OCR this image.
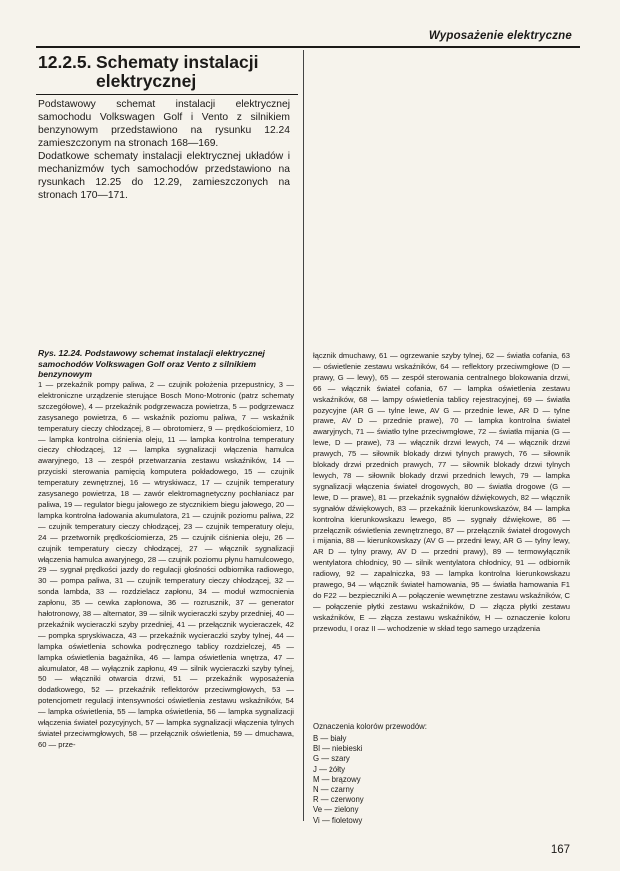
Wyposażenie elektryczne
12.2.5. Schematy instalacji
elektrycznej

Podstawowy schemat instalacji elektrycznej samochodu Volkswagen Golf i Vento z silnikiem benzynowym przedstawiono na rysunku 12.24 zamieszczonym na stronach 168—169.

Dodatkowe schematy instalacji elektrycznej układów i mechanizmów tych samochodów przedstawiono na rysunkach 12.25 do 12.29, zamieszczonych na stronach 170—171.

Rys. 12.24. Podstawowy schemat instalacji elektrycznej samochodów Volkswagen Golf oraz Vento z silnikiem benzynowym

1 — przekaźnik pompy paliwa, 2 — czujnik położenia przepustnicy, 3 — elektroniczne urządzenie sterujące Bosch Mono-Motronic (patrz schematy szczegółowe), 4 — przekaźnik podgrzewacza powietrza, 5 — podgrzewacz zasysanego powietrza, 6 — wskaźnik poziomu paliwa, 7 — wskaźnik temperatury cieczy chłodzącej, 8 — obrotomierz, 9 — prędkościomierz, 10 — lampka kontrolna ciśnienia oleju, 11 — lampka kontrolna temperatury cieczy chłodzącej, 12 — lampka sygnalizacji włączenia hamulca awaryjnego, 13 — zespół przetwarzania zestawu wskaźników, 14 — przyciski sterowania pamięcią komputera pokładowego, 15 — czujnik temperatury zewnętrznej, 16 — wtryskiwacz, 17 — czujnik temperatury zasysanego powietrza, 18 — zawór elektromagnetyczny pochłaniacz par paliwa, 19 — regulator biegu jałowego ze stycznikiem biegu jałowego, 20 — lampka kontrolna ładowania akumulatora, 21 — czujnik poziomu paliwa, 22 — czujnik temperatury cieczy chłodzącej, 23 — czujnik temperatury oleju, 24 — przetwornik prędkościomierza, 25 — czujnik ciśnienia oleju, 26 — czujnik temperatury cieczy chłodzącej, 27 — włącznik sygnalizacji włączenia hamulca awaryjnego, 28 — czujnik poziomu płynu hamulcowego, 29 — sygnał prędkości jazdy do regulacji głośności odbiornika radiowego, 30 — pompa paliwa, 31 — czujnik temperatury cieczy chłodzącej, 32 — sonda lambda, 33 — rozdzielacz zapłonu, 34 — moduł wzmocnienia zapłonu, 35 — cewka zapłonowa, 36 — rozrusznik, 37 — generator hałotronowy, 38 — alternator, 39 — silnik wycieraczki szyby przedniej, 40 — przekaźnik wycieraczki szyby przedniej, 41 — przełącznik wycieraczek, 42 — pompka spryskiwacza, 43 — przekaźnik wycieraczki szyby tylnej, 44 — lampka oświetlenia schowka podręcznego tablicy rozdzielczej, 45 — lampka oświetlenia bagażnika, 46 — lampa oświetlenia wnętrza, 47 — akumulator, 48 — wyłącznik zapłonu, 49 — silnik wycieraczki szyby tylnej, 50 — włączniki otwarcia drzwi, 51 — przekaźnik wyposażenia dodatkowego, 52 — przekaźnik reflektorów przeciwmgłowych, 53 — potencjometr regulacji intensywności oświetlenia zestawu wskaźników, 54 — lampka oświetlenia, 55 — lampka oświetlenia, 56 — lampka sygnalizacji włączenia świateł pozycyjnych, 57 — lampka sygnalizacji włączenia tylnych świateł przeciwmgłowych, 58 — przełącznik oświetlenia, 59 — dmuchawa, 60 — prze-

łącznik dmuchawy, 61 — ogrzewanie szyby tylnej, 62 — światła cofania, 63 — oświetlenie zestawu wskaźników, 64 — reflektory przeciwmgłowe (D — prawy, G — lewy), 65 — zespół sterowania centralnego blokowania drzwi, 66 — włącznik świateł cofania, 67 — lampka oświetlenia zestawu wskaźników, 68 — lampy oświetlenia tablicy rejestracyjnej, 69 — światła pozycyjne (AR G — tylne lewe, AV G — przednie lewe, AR D — tylne prawe, AV D — przednie prawe), 70 — lampka kontrolna świateł awaryjnych, 71 — światło tylne przeciwmgłowe, 72 — światła mijania (G — lewe, D — prawe), 73 — włącznik drzwi lewych, 74 — włącznik drzwi prawych, 75 — siłownik blokady drzwi tylnych prawych, 76 — siłownik blokady drzwi przednich prawych, 77 — siłownik blokady drzwi tylnych lewych, 78 — siłownik blokady drzwi przednich lewych, 79 — lampka sygnalizacji włączenia świateł drogowych, 80 — światła drogowe (G — lewe, D — prawe), 81 — przekaźnik sygnałów dźwiękowych, 82 — włącznik sygnałów dźwiękowych, 83 — przekaźnik kierunkowskazów, 84 — lampka kontrolna kierunkowskazu lewego, 85 — sygnały dźwiękowe, 86 — przełącznik oświetlenia zewnętrznego, 87 — przełącznik świateł drogowych i mijania, 88 — kierunkowskazy (AV G — przedni lewy, AR G — tylny lewy, AR D — tylny prawy, AV D — przedni prawy), 89 — termowyłącznik wentylatora chłodnicy, 90 — silnik wentylatora chłodnicy, 91 — odbiornik radiowy, 92 — zapalniczka, 93 — lampka kontrolna kierunkowskazu prawego, 94 — włącznik świateł hamowania, 95 — światła hamowania F1 do F22 — bezpieczniki A — połączenie wewnętrzne zestawu wskaźników, C — połączenie płytki zestawu wskaźników, D — złącza płytki zestawu wskaźników, E — złącza zestawu wskaźników, H — oznaczenie koloru przewodu, I oraz II — wchodzenie w skład tego samego urządzenia

Oznaczenia kolorów przewodów:
B — biały
Bl — niebieski
G — szary
J — żółty
M — brązowy
N — czarny
R — czerwony
Ve — zielony
Vi — fioletowy
167
